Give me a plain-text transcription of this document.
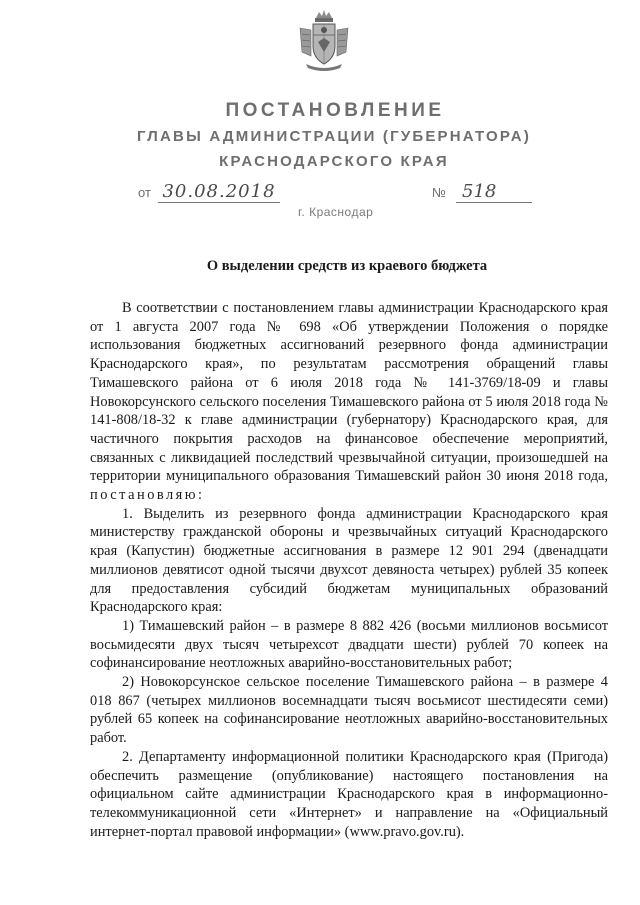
ПОСТАНОВЛЕНИЕ
ГЛАВЫ АДМИНИСТРАЦИИ (ГУБЕРНАТОРА)
КРАСНОДАРСКОГО КРАЯ
от 30.08.2018	№ 518
г. Краснодар
О выделении средств из краевого бюджета

В соответствии с постановлением главы администрации Краснодарского края от 1 августа 2007 года № 698 «Об утверждении Положения о порядке использования бюджетных ассигнований резервного фонда администрации Краснодарского края», по результатам рассмотрения обращений главы Тимашевского района от 6 июля 2018 года № 141-3769/18-09 и главы Новокорсунского сельского поселения Тимашевского района от 5 июля 2018 года № 141-808/18-32 к главе администрации (губернатору) Краснодарского края, для частичного покрытия расходов на финансовое обеспечение мероприятий, связанных с ликвидацией последствий чрезвычайной ситуации, произошедшей на территории муниципального образования Тимашевский район 30 июня 2018 года, постановляю:

1. Выделить из резервного фонда администрации Краснодарского края министерству гражданской обороны и чрезвычайных ситуаций Краснодарского края (Капустин) бюджетные ассигнования в размере 12 901 294 (двенадцати миллионов девятисот одной тысячи двухсот девяноста четырех) рублей 35 копеек для предоставления субсидий бюджетам муниципальных образований Краснодарского края:

1) Тимашевский район – в размере 8 882 426 (восьми миллионов восьмисот восьмидесяти двух тысяч четырехсот двадцати шести) рублей 70 копеек на софинансирование неотложных аварийно-восстановительных работ;

2) Новокорсунское сельское поселение Тимашевского района – в размере 4 018 867 (четырех миллионов восемнадцати тысяч восьмисот шестидесяти семи) рублей 65 копеек на софинансирование неотложных аварийно-восстановительных работ.

2. Департаменту информационной политики Краснодарского края (Пригода) обеспечить размещение (опубликование) настоящего постановления на официальном сайте администрации Краснодарского края в информационно-телекоммуникационной сети «Интернет» и направление на «Официальный интернет-портал правовой информации» (www.pravo.gov.ru).
